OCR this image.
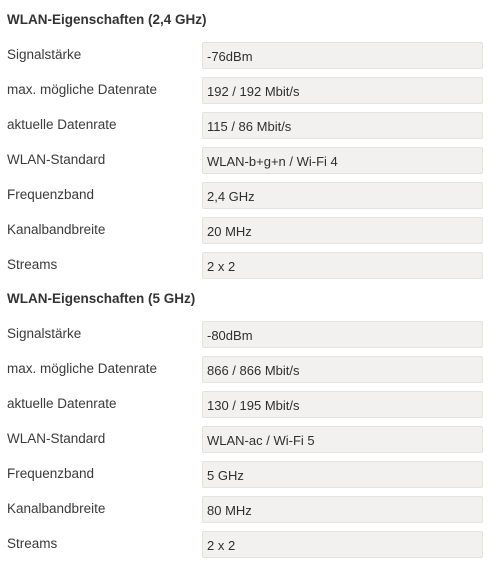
WLAN-Eigenschaften (2,4 GHz)
Signalstärke	-76dBm
max. mögliche Datenrate	192 / 192 Mbit/s
aktuelle Datenrate	115 / 86 Mbit/s
WLAN-Standard	WLAN-b+g+n / Wi-Fi 4
Frequenzband	2,4 GHz
Kanalbandbreite	20 MHz
Streams	2 x 2
WLAN-Eigenschaften (5 GHz)
Signalstärke	-80dBm
max. mögliche Datenrate	866 / 866 Mbit/s
aktuelle Datenrate	130 / 195 Mbit/s
WLAN-Standard	WLAN-ac / Wi-Fi 5
Frequenzband	5 GHz
Kanalbandbreite	80 MHz
Streams	2 x 2
